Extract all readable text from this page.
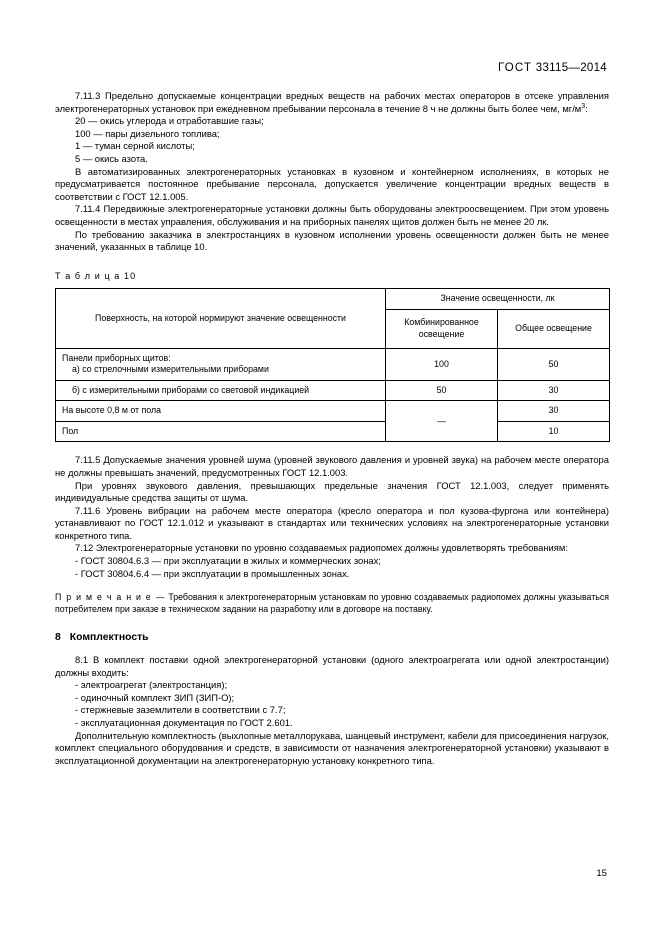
ГОСТ 33115—2014

7.11.3 Предельно допускаемые концентрации вредных веществ на рабочих местах операторов в отсеке управления электрогенераторных установок при ежедневном пребывании персонала в течение 8 ч не должны быть более чем, $мг/м^3$:

20 — окись углерода и отработавшие газы;

100 — пары дизельного топлива;

1 — туман серной кислоты;

5 — окись азота.

В автоматизированных электрогенераторных установках в кузовном и контейнерном исполнениях, в которых не предусматривается постоянное пребывание персонала, допускается увеличение концентрации вредных веществ в соответствии с ГОСТ 12.1.005.

7.11.4 Передвижные электрогенераторные установки должны быть оборудованы электроосвещением. При этом уровень освещенности в местах управления, обслуживания и на приборных панелях щитов должен быть не менее 20 лк.

По требованию заказчика в электростанциях в кузовном исполнении уровень освещенности должен быть не менее значений, указанных в таблице 10.

Т а б л и ц а 10
Поверхность, на которой нормируют значение освещенности	Значение освещенности, лк	
	Комбинированное освещение	Общее освещение
Панели приборных щитов:
а) со стрелочными измерительными приборами	100	50
б) с измерительными приборами со световой индикацией	50	30
На высоте 0,8 м от пола	—	30
Пол		10

7.11.5 Допускаемые значения уровней шума (уровней звукового давления и уровней звука) на рабочем месте оператора не должны превышать значений, предусмотренных ГОСТ 12.1.003.

При уровнях звукового давления, превышающих предельные значения ГОСТ 12.1.003, следует применять индивидуальные средства защиты от шума.

7.11.6 Уровень вибрации на рабочем месте оператора (кресло оператора и пол кузова-фургона или контейнера) устанавливают по ГОСТ 12.1.012 и указывают в стандартах или технических условиях на электрогенераторные установки конкретного типа.

7.12 Электрогенераторные установки по уровню создаваемых радиопомех должны удовлетворять требованиям:

- ГОСТ 30804.6.3 — при эксплуатации в жилых и коммерческих зонах;

- ГОСТ 30804.6.4 — при эксплуатации в промышленных зонах.

П р и м е ч а н и е — Требования к электрогенераторным установкам по уровню создаваемых радиопомех должны указываться потребителем при заказе в техническом задании на разработку или в договоре на поставку.

8 Комплектность

8.1 В комплект поставки одной электрогенераторной установки (одного электроагрегата или одной электростанции) должны входить:

- электроагрегат (электростанция);

- одиночный комплект ЗИП (ЗИП-О);

- стержневые заземлители в соответствии с 7.7;

- эксплуатационная документация по ГОСТ 2.601.

Дополнительную комплектность (выхлопные металлорукава, шанцевый инструмент, кабели для присоединения нагрузок, комплект специального оборудования и средств, в зависимости от назначения электрогенераторной установки) указывают в эксплуатационной документации на электрогенераторную установку конкретного типа.

15
